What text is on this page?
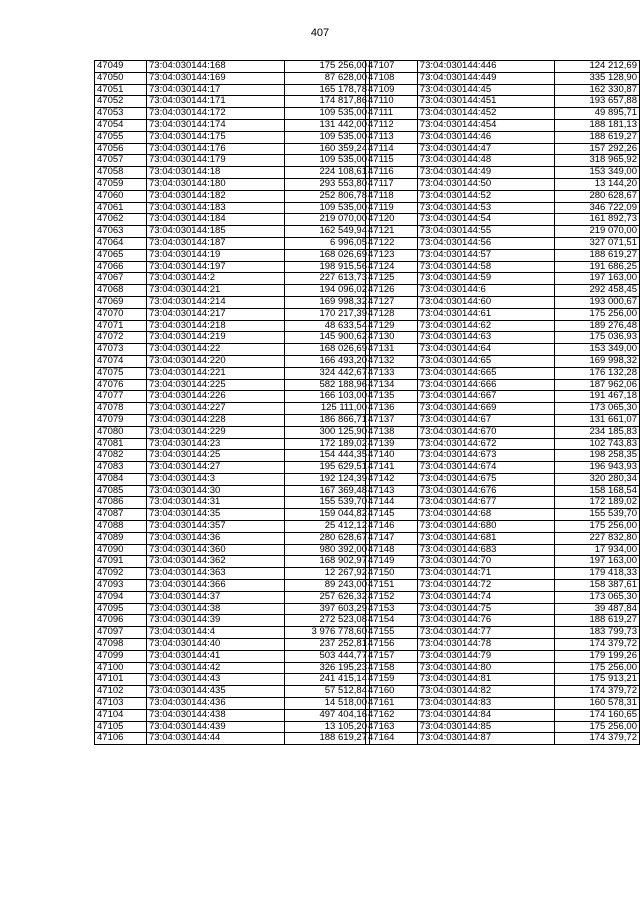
407
47049	73:04:030144:168	175 256,00
47050	73:04:030144:169	87 628,00
47051	73:04:030144:17	165 178,78
47052	73:04:030144:171	174 817,86
47053	73:04:030144:172	109 535,00
47054	73:04:030144:174	131 442,00
47055	73:04:030144:175	109 535,00
47056	73:04:030144:176	160 359,24
47057	73:04:030144:179	109 535,00
47058	73:04:030144:18	224 108,61
47059	73:04:030144:180	293 553,80
47060	73:04:030144:182	252 806,78
47061	73:04:030144:183	109 535,00
47062	73:04:030144:184	219 070,00
47063	73:04:030144:185	162 549,94
47064	73:04:030144:187	6 996,05
47065	73:04:030144:19	168 026,69
47066	73:04:030144:197	198 915,56
47067	73:04:030144:2	227 613,73
47068	73:04:030144:21	194 096,02
47069	73:04:030144:214	169 998,32
47070	73:04:030144:217	170 217,39
47071	73:04:030144:218	48 633,54
47072	73:04:030144:219	145 900,62
47073	73:04:030144:22	168 026,69
47074	73:04:030144:220	166 493,20
47075	73:04:030144:221	324 442,67
47076	73:04:030144:225	582 188,96
47077	73:04:030144:226	166 103,00
47078	73:04:030144:227	125 111,00
47079	73:04:030144:228	186 866,71
47080	73:04:030144:229	300 125,90
47081	73:04:030144:23	172 189,02
47082	73:04:030144:25	154 444,35
47083	73:04:030144:27	195 629,51
47084	73:04:030144:3	192 124,39
47085	73:04:030144:30	167 369,48
47086	73:04:030144:31	155 539,70
47087	73:04:030144:35	159 044,82
47088	73:04:030144:357	25 412,12
47089	73:04:030144:36	280 628,67
47090	73:04:030144:360	980 392,00
47091	73:04:030144:362	168 902,97
47092	73:04:030144:363	12 267,92
47093	73:04:030144:366	89 243,00
47094	73:04:030144:37	257 626,32
47095	73:04:030144:38	397 603,29
47096	73:04:030144:39	272 523,08
47097	73:04:030144:4	3 976 778,60
47098	73:04:030144:40	237 252,81
47099	73:04:030144:41	503 444,77
47100	73:04:030144:42	326 195,23
47101	73:04:030144:43	241 415,14
47102	73:04:030144:435	57 512,84
47103	73:04:030144:436	14 518,00
47104	73:04:030144:438	497 404,16
47105	73:04:030144:439	13 105,20
47106	73:04:030144:44	188 619,27
47107	73:04:030144:446	124 212,69
47108	73:04:030144:449	335 128,90
47109	73:04:030144:45	162 330,87
47110	73:04:030144:451	193 657,88
47111	73:04:030144:452	49 895,71
47112	73:04:030144:454	188 181,13
47113	73:04:030144:46	188 619,27
47114	73:04:030144:47	157 292,26
47115	73:04:030144:48	318 965,92
47116	73:04:030144:49	153 349,00
47117	73:04:030144:50	13 144,20
47118	73:04:030144:52	280 628,67
47119	73:04:030144:53	346 722,09
47120	73:04:030144:54	161 892,73
47121	73:04:030144:55	219 070,00
47122	73:04:030144:56	327 071,51
47123	73:04:030144:57	188 619,27
47124	73:04:030144:58	191 686,25
47125	73:04:030144:59	197 163,00
47126	73:04:030144:6	292 458,45
47127	73:04:030144:60	193 000,67
47128	73:04:030144:61	175 256,00
47129	73:04:030144:62	189 276,48
47130	73:04:030144:63	175 036,93
47131	73:04:030144:64	153 349,00
47132	73:04:030144:65	169 998,32
47133	73:04:030144:665	176 132,28
47134	73:04:030144:666	187 962,06
47135	73:04:030144:667	191 467,18
47136	73:04:030144:669	173 065,30
47137	73:04:030144:67	131 661,07
47138	73:04:030144:670	234 185,83
47139	73:04:030144:672	102 743,83
47140	73:04:030144:673	198 258,35
47141	73:04:030144:674	196 943,93
47142	73:04:030144:675	320 280,34
47143	73:04:030144:676	158 168,54
47144	73:04:030144:677	172 189,02
47145	73:04:030144:68	155 539,70
47146	73:04:030144:680	175 256,00
47147	73:04:030144:681	227 832,80
47148	73:04:030144:683	17 934,00
47149	73:04:030144:70	197 163,00
47150	73:04:030144:71	179 418,33
47151	73:04:030144:72	158 387,61
47152	73:04:030144:74	173 065,30
47153	73:04:030144:75	39 487,84
47154	73:04:030144:76	188 619,27
47155	73:04:030144:77	183 799,73
47156	73:04:030144:78	174 379,72
47157	73:04:030144:79	179 199,26
47158	73:04:030144:80	175 256,00
47159	73:04:030144:81	175 913,21
47160	73:04:030144:82	174 379,72
47161	73:04:030144:83	160 578,31
47162	73:04:030144:84	174 160,65
47163	73:04:030144:85	175 256,00
47164	73:04:030144:87	174 379,72
